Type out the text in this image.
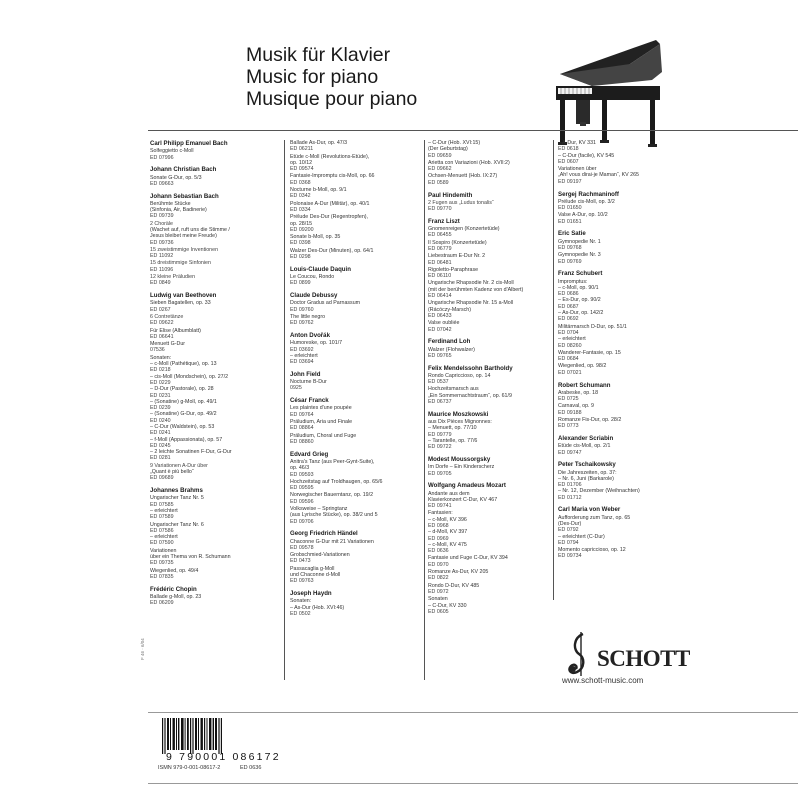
Musik für Klavier
Music for piano
Musique pour piano
Carl Philipp Emanuel Bach
Solfeggietto c-Moll
ED 07996
Johann Christian Bach
Sonate G-Dur, op. 5/3
ED 09663
Johann Sebastian Bach
Berühmte Stücke
(Sinfonia, Air, Badinerie)
ED 09739
2 Choräle
(Wachet auf, ruft uns die Stimme /
Jesus bleibet meine Freude)
ED 09736
15 zweistimmige Inventionen
ED 11092
15 dreistimmige Sinfonien
ED 11096
12 kleine Präludien
ED 0849
Ludwig van Beethoven
Sieben Bagatellen, op. 33
ED 0267
6 Contretänze
ED 09622
Für Elise (Albumblatt)
ED 06641
Menuett G-Dur
07536
Sonaten:
– c-Moll (Pathétique), op. 13
ED 0218
– cis-Moll (Mondschein), op. 27/2
ED 0229
– D-Dur (Pastorale), op. 28
ED 0231
– (Sonatine) g-Moll, op. 49/1
ED 0239
– (Sonatine) G-Dur, op. 49/2
ED 0240
– C-Dur (Waldstein), op. 53
ED 0241
– f-Moll (Appassionata), op. 57
ED 0245
– 2 leichte Sonatinen F-Dur, G-Dur
ED 0281
9 Variationen A-Dur über
„Quant è più bello“
ED 09689
Johannes Brahms
Ungarischer Tanz Nr. 5
ED 07585
– erleichtert
ED 07589
Ungarischer Tanz Nr. 6
ED 07586
– erleichtert
ED 07590
Variationen
über ein Thema von R. Schumann
ED 09735
Wiegenlied, op. 49/4
ED 07835
Frédéric Chopin
Ballade g-Moll, op. 23
ED 06209
Ballade As-Dur, op. 47/3
ED 06211
Etüde c-Moll (Revolutions-Etüde),
op. 10/12
ED 09574
Fantasie-Impromptu cis-Moll, op. 66
ED 0368
Nocturne b-Moll, op. 9/1
ED 0342
Polonaise A-Dur (Militär), op. 40/1
ED 0334
Prélude Des-Dur (Regentropfen),
op. 28/15
ED 09200
Sonate b-Moll, op. 35
ED 0398
Walzer Des-Dur (Minuten), op. 64/1
ED 0298
Louis-Claude Daquin
Le Coucou, Rondo
ED 0899
Claude Debussy
Doctor Gradus ad Parnassum
ED 09760
The little negro
ED 09762
Anton Dvořák
Humoreske, op. 101/7
ED 03692
– erleichtert
ED 03694
John Field
Nocturne B-Dur
0925
César Franck
Les plaintes d'une poupée
ED 09764
Präludium, Aria und Finale
ED 08864
Präludium, Choral und Fuge
ED 08860
Edvard Grieg
Anitra's Tanz (aus Peer-Gynt-Suite),
op. 46/3
ED 09593
Hochzeitstag auf Troldhaugen, op. 65/6
ED 09595
Norwegischer Bauerntanz, op. 19/2
ED 09596
Volksweise – Springtanz
(aus Lyrische Stücke), op. 38/2 und 5
ED 09706
Georg Friedrich Händel
Chaconne G-Dur mit 21 Variationen
ED 09578
Grobschmied-Variationen
ED 0473
Passacaglia g-Moll
und Chaconne d-Moll
ED 09763
Joseph Haydn
Sonaten:
– As-Dur (Hob. XVI:46)
ED 0502
– C-Dur (Hob. XVI:15)
(Der Geburtstag)
ED 09659
Arietta con Variazioni (Hob. XVII:2)
ED 09662
Ochsen-Menuett (Hob. IX:27)
ED 0589
Paul Hindemith
2 Fugen aus „Ludus tonalis“
ED 09770
Franz Liszt
Gnomenreigen (Konzertetüde)
ED 06455
Il Sospiro (Konzertetüde)
ED 06779
Liebestraum E-Dur Nr. 2
ED 06481
Rigoletto-Paraphrase
ED 06110
Ungarische Rhapsodie Nr. 2 cis-Moll
(mit der berühmten Kadenz von d'Albert)
ED 06414
Ungarische Rhapsodie Nr. 15 a-Moll
(Rácóczy-Marsch)
ED 06433
Valse oubliée
ED 07042
Ferdinand Loh
Walzer (Flohwalzer)
ED 09765
Felix Mendelssohn Bartholdy
Rondo Capriccioso, op. 14
ED 0537
Hochzeitsmarsch aus
„Ein Sommernachtstraum“, op. 61/9
ED 06737
Maurice Moszkowski
aus Dix Pièces Mignonnes:
– Menuett, op. 77/10
ED 09779
– Tarantelle, op. 77/6
ED 09722
Modest Moussorgsky
Im Dorfe – Ein Kinderscherz
ED 09705
Wolfgang Amadeus Mozart
Andante aus dem
Klavierkonzert C-Dur, KV 467
ED 09741
Fantasien:
– c-Moll, KV 396
ED 0968
– d-Moll, KV 397
ED 0969
– c-Moll, KV 475
ED 0636
Fantasie und Fuge C-Dur, KV 394
ED 0970
Romanze As-Dur, KV 205
ED 0822
Rondo D-Dur, KV 485
ED 0972
Sonaten
– C-Dur, KV 330
ED 0605
– A-Dur, KV 331
ED 0618
– C-Dur (facile), KV 545
ED 0607
Variationen über
„Ah! vous dirai-je Maman“, KV 265
ED 09197
Sergej Rachmaninoff
Prélude cis-Moll, op. 3/2
ED 01650
Valse A-Dur, op. 10/2
ED 01651
Eric Satie
Gymnopedie Nr. 1
ED 09768
Gymnopedie Nr. 3
ED 09769
Franz Schubert
Impromptus:
– c-Moll, op. 90/1
ED 0686
– Es-Dur, op. 90/2
ED 0687
– As-Dur, op. 142/2
ED 0692
Militärmarsch D-Dur, op. 51/1
ED 0704
– erleichtert
ED 08260
Wanderer-Fantasie, op. 15
ED 0684
Wiegenlied, op. 98/2
ED 07021
Robert Schumann
Arabeske, op. 18
ED 0725
Carnaval, op. 9
ED 09188
Romanze Fis-Dur, op. 28/2
ED 0773
Alexander Scriabin
Etüde cis-Moll, op. 2/1
ED 09747
Peter Tschaikowsky
Die Jahreszeiten, op. 37:
– Nr. 6, Juni (Barkarole)
ED 01706
– Nr. 12, Dezember (Weihnachten)
ED 01712
Carl Maria von Weber
Aufforderung zum Tanz, op. 65
(Des-Dur)
ED 0792
– erleichtert (C-Dur)
ED 0794
Momento capriccioso, op. 12
ED 09734
F 46 · 6/04	SCHOTT
www.schott-music.com
9 790001 086172
ISMN 979-0-001-08617-2	ED 0636
